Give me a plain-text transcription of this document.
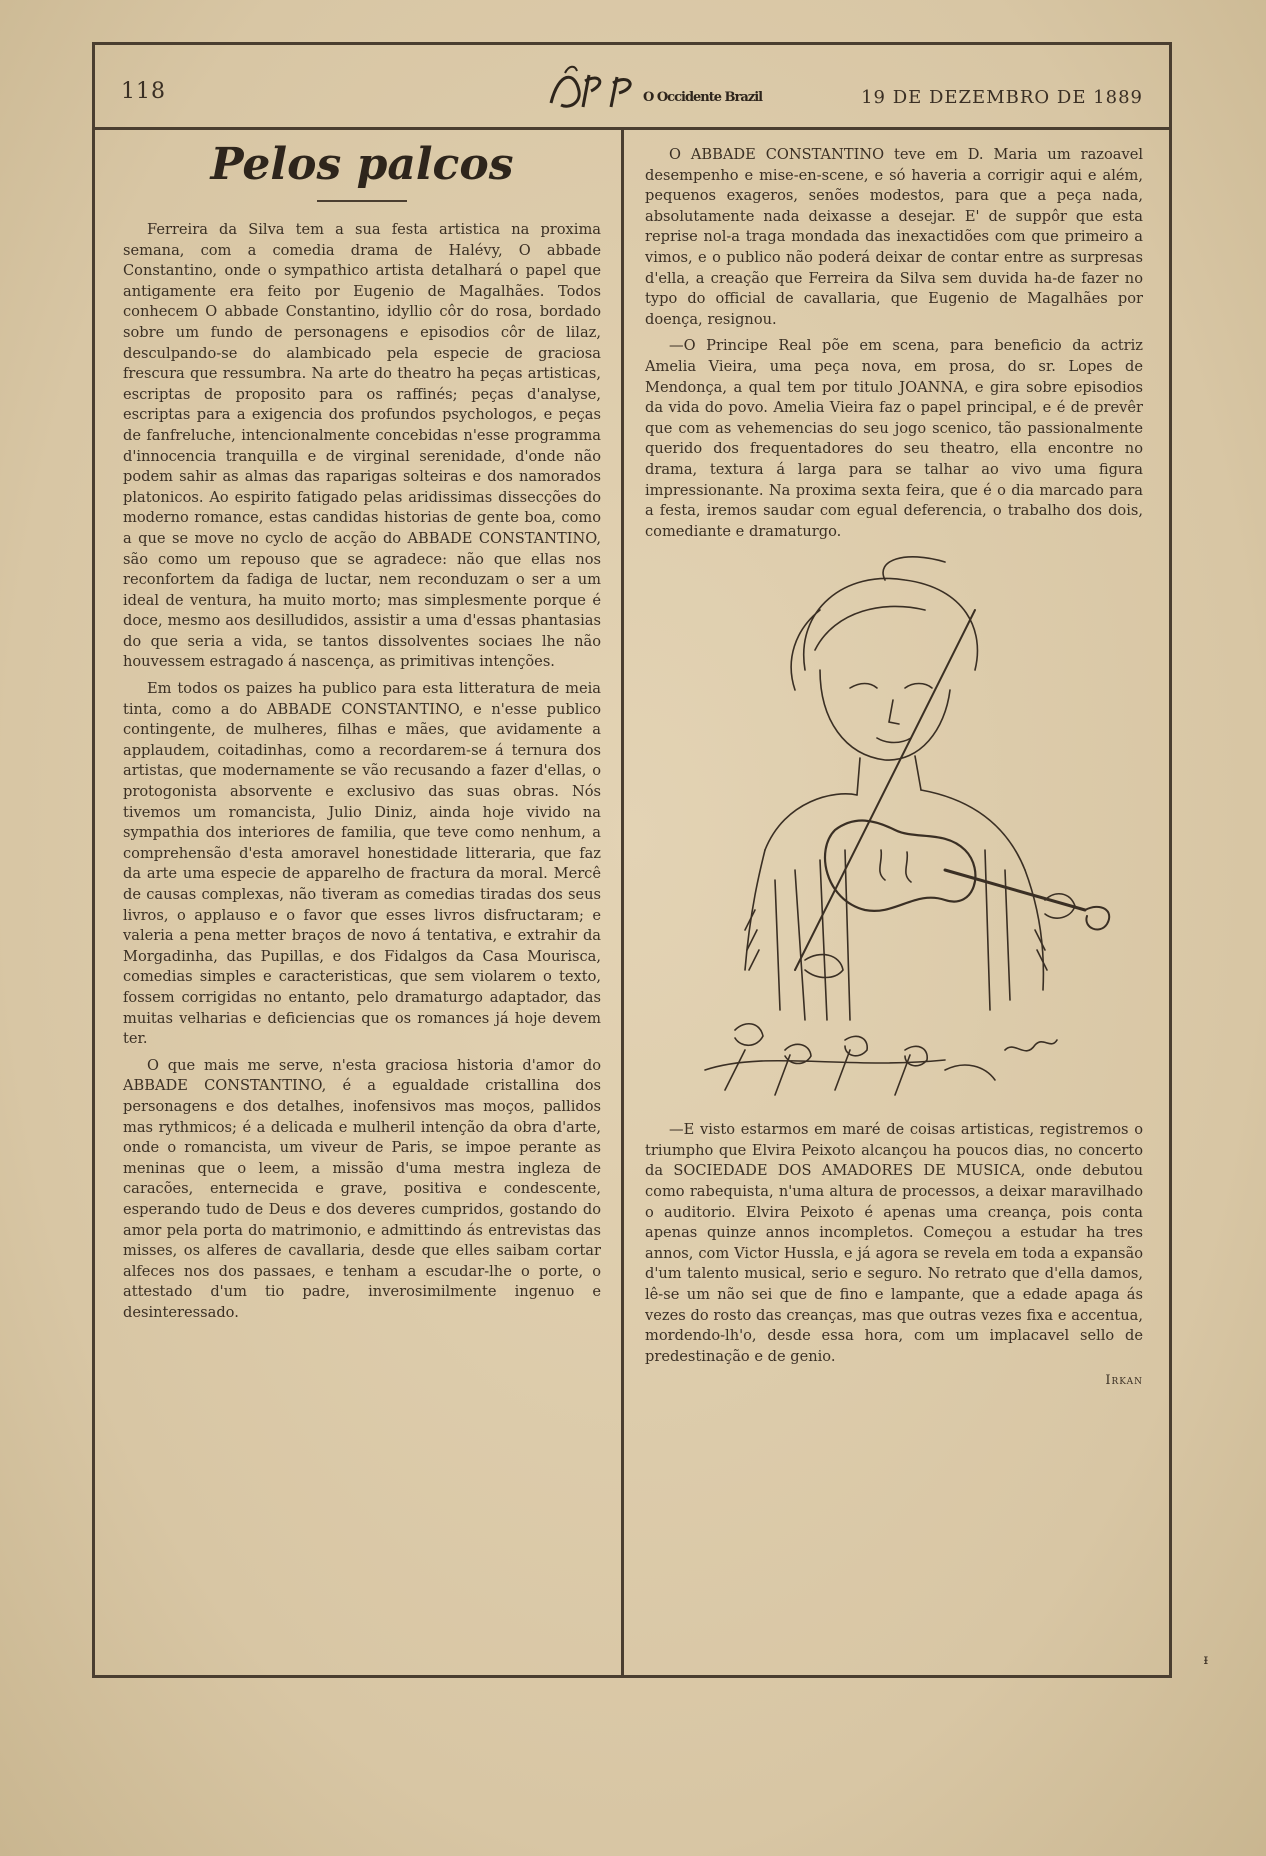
118	O Occidente Brazil	19 DE DEZEMBRO DE 1889
Pelos palcos

Ferreira da Silva tem a sua festa artistica na proxima semana, com a comedia drama de Halévy, O abbade Constantino, onde o sympathico artista detalhará o papel que antigamente era feito por Eugenio de Magalhães. Todos conhecem O abbade Constantino, idyllio côr do rosa, bordado sobre um fundo de personagens e episodios côr de lilaz, desculpando-se do alambicado pela especie de graciosa frescura que ressumbra. Na arte do theatro ha peças artisticas, escriptas de proposito para os raffinés; peças d'analyse, escriptas para a exigencia dos profundos psychologos, e peças de fanfreluche, intencionalmente concebidas n'esse programma d'innocencia tranquilla e de virginal serenidade, d'onde não podem sahir as almas das raparigas solteiras e dos namorados platonicos. Ao espirito fatigado pelas aridissimas dissecções do moderno romance, estas candidas historias de gente boa, como a que se move no cyclo de acção do ABBADE CONSTANTINO, são como um repouso que se agradece: não que ellas nos reconfortem da fadiga de luctar, nem reconduzam o ser a um ideal de ventura, ha muito morto; mas simplesmente porque é doce, mesmo aos desilludidos, assistir a uma d'essas phantasias do que seria a vida, se tantos dissolventes sociaes lhe não houvessem estragado á nascença, as primitivas intenções.

Em todos os paizes ha publico para esta litteratura de meia tinta, como a do ABBADE CONSTANTINO, e n'esse publico contingente, de mulheres, filhas e mães, que avidamente a applaudem, coitadinhas, como a recordarem-se á ternura dos artistas, que modernamente se vão recusando a fazer d'ellas, o protogonista absorvente e exclusivo das suas obras. Nós tivemos um romancista, Julio Diniz, ainda hoje vivido na sympathia dos interiores de familia, que teve como nenhum, a comprehensão d'esta amoravel honestidade litteraria, que faz da arte uma especie de apparelho de fractura da moral. Mercê de causas complexas, não tiveram as comedias tiradas dos seus livros, o applauso e o favor que esses livros disfructaram; e valeria a pena metter braços de novo á tentativa, e extrahir da Morgadinha, das Pupillas, e dos Fidalgos da Casa Mourisca, comedias simples e caracteristicas, que sem violarem o texto, fossem corrigidas no entanto, pelo dramaturgo adaptador, das muitas velharias e deficiencias que os romances já hoje devem ter.

O que mais me serve, n'esta graciosa historia d'amor do ABBADE CONSTANTINO, é a egualdade cristallina dos personagens e dos detalhes, inofensivos mas moços, pallidos mas rythmicos; é a delicada e mulheril intenção da obra d'arte, onde o romancista, um viveur de Paris, se impoe perante as meninas que o leem, a missão d'uma mestra ingleza de caracões, enternecida e grave, positiva e condescente, esperando tudo de Deus e dos deveres cumpridos, gostando do amor pela porta do matrimonio, e admittindo ás entrevistas das misses, os alferes de cavallaria, desde que elles saibam cortar alfeces nos dos passaes, e tenham a escudar-lhe o porte, o attestado d'um tio padre, inverosimilmente ingenuo e desinteressado.

O ABBADE CONSTANTINO teve em D. Maria um razoavel desempenho e mise-en-scene, e só haveria a corrigir aqui e além, pequenos exageros, senões modestos, para que a peça nada, absolutamente nada deixasse a desejar. E' de suppôr que esta reprise nol-a traga mondada das inexactidões com que primeiro a vimos, e o publico não poderá deixar de contar entre as surpresas d'ella, a creação que Ferreira da Silva sem duvida ha-de fazer no typo do official de cavallaria, que Eugenio de Magalhães por doença, resignou.

—O Principe Real põe em scena, para beneficio da actriz Amelia Vieira, uma peça nova, em prosa, do sr. Lopes de Mendonça, a qual tem por titulo JOANNA, e gira sobre episodios da vida do povo. Amelia Vieira faz o papel principal, e é de prevêr que com as vehemencias do seu jogo scenico, tão passionalmente querido dos frequentadores do seu theatro, ella encontre no drama, textura á larga para se talhar ao vivo uma figura impressionante. Na proxima sexta feira, que é o dia marcado para a festa, iremos saudar com egual deferencia, o trabalho dos dois, comediante e dramaturgo.

—E visto estarmos em maré de coisas artisticas, registremos o triumpho que Elvira Peixoto alcançou ha poucos dias, no concerto da SOCIEDADE DOS AMADORES DE MUSICA, onde debutou como rabequista, n'uma altura de processos, a deixar maravilhado o auditorio. Elvira Peixoto é apenas uma creança, pois conta apenas quinze annos incompletos. Começou a estudar ha tres annos, com Victor Hussla, e já agora se revela em toda a expansão d'um talento musical, serio e seguro. No retrato que d'ella damos, lê-se um não sei que de fino e lampante, que a edade apaga ás vezes do rosto das creanças, mas que outras vezes fixa e accentua, mordendo-lh'o, desde essa hora, com um implacavel sello de predestinação e de genio.

Irkan
ᵻ
